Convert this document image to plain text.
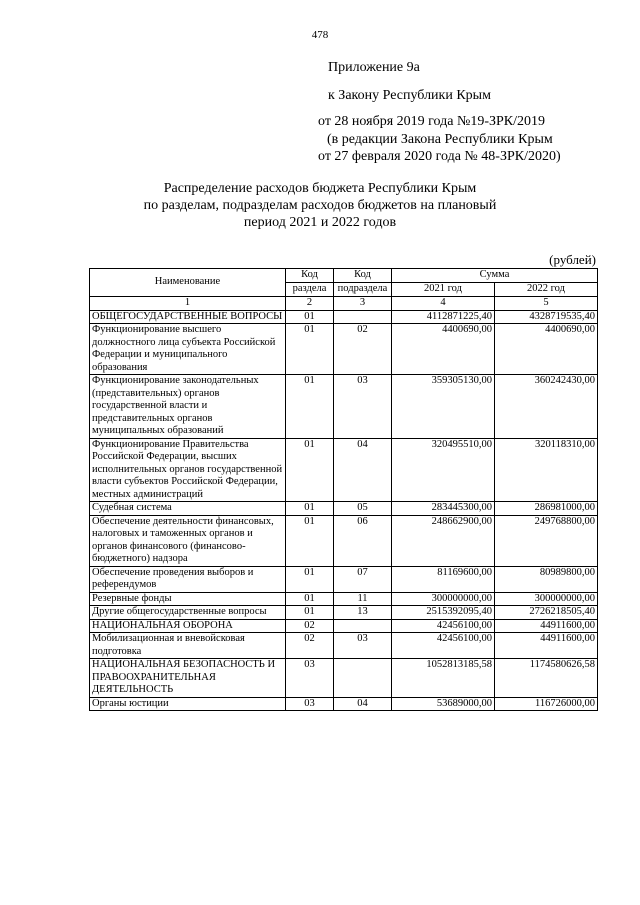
478
Приложение 9а
к Закону Республики Крым
от 28 ноября 2019 года №19-ЗРК/2019
(в редакции Закона Республики Крым
от 27 февраля 2020 года № 48-ЗРК/2020)
Распределение расходов бюджета Республики Крым
по разделам, подразделам расходов бюджетов на плановый
период 2021 и 2022 годов
(рублей)
Наименование	Код	Код	Сумма	
	раздела	подраздела	2021 год	2022 год
1	2	3	4	5
ОБЩЕГОСУДАРСТВЕННЫЕ ВОПРОСЫ	01		4112871225,40	4328719535,40
Функционирование высшего должностного лица субъекта Российской Федерации и муниципального образования	01	02	4400690,00	4400690,00
Функционирование законодательных (представительных) органов государственной власти и представительных органов муниципальных образований	01	03	359305130,00	360242430,00
Функционирование Правительства Российской Федерации, высших исполнительных органов государственной власти субъектов Российской Федерации, местных администраций	01	04	320495510,00	320118310,00
Судебная система	01	05	283445300,00	286981000,00
Обеспечение деятельности финансовых, налоговых и таможенных органов и органов финансового (финансово-бюджетного) надзора	01	06	248662900,00	249768800,00
Обеспечение проведения выборов и референдумов	01	07	81169600,00	80989800,00
Резервные фонды	01	11	300000000,00	300000000,00
Другие общегосударственные вопросы	01	13	2515392095,40	2726218505,40
НАЦИОНАЛЬНАЯ ОБОРОНА	02		42456100,00	44911600,00
Мобилизационная и вневойсковая подготовка	02	03	42456100,00	44911600,00
НАЦИОНАЛЬНАЯ БЕЗОПАСНОСТЬ И ПРАВООХРАНИТЕЛЬНАЯ ДЕЯТЕЛЬНОСТЬ	03		1052813185,58	1174580626,58
Органы юстиции	03	04	53689000,00	116726000,00
